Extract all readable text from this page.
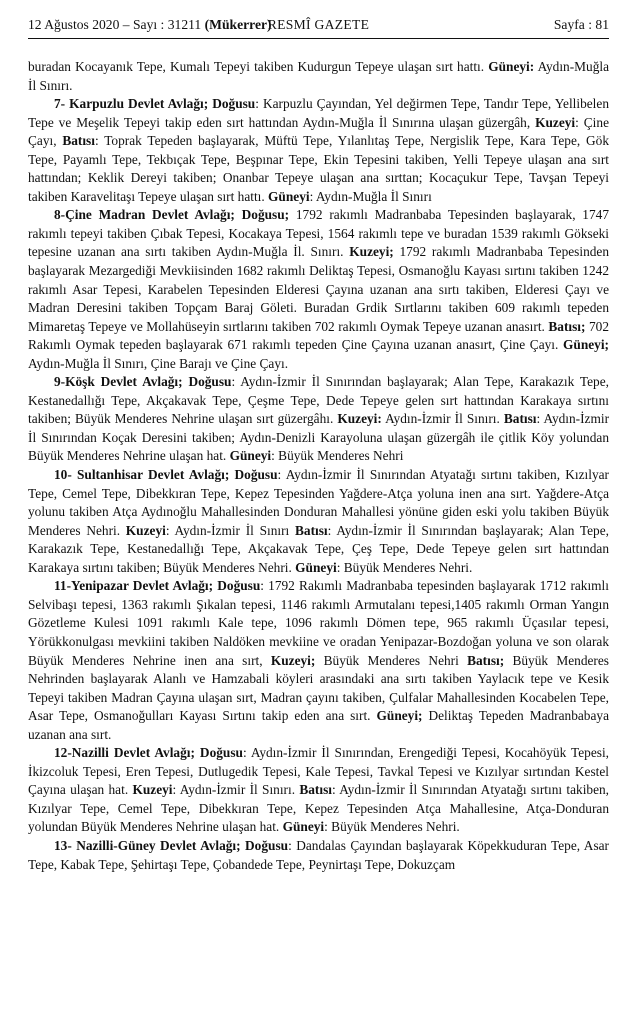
12 Ağustos 2020 – Sayı : 31211 (Mükerrer)
RESMÎ GAZETE	Sayfa : 81

buradan Kocayanık Tepe, Kumalı Tepeyi takiben Kudurgun Tepeye ulaşan sırt hattı. Güneyi: Aydın-Muğla İl Sınırı.

7- Karpuzlu Devlet Avlağı; Doğusu: Karpuzlu Çayından, Yel değirmen Tepe, Tandır Tepe, Yellibelen Tepe ve Meşelik Tepeyi takip eden sırt hattından Aydın-Muğla İl Sınırına ulaşan güzergâh, Kuzeyi: Çine Çayı, Batısı: Toprak Tepeden başlayarak, Müftü Tepe, Yılanlıtaş Tepe, Nergislik Tepe, Kara Tepe, Gök Tepe, Payamlı Tepe, Tekbıçak Tepe, Beşpınar Tepe, Ekin Tepesini takiben, Yelli Tepeye ulaşan ana sırt hattından; Keklik Dereyi takiben; Onanbar Tepeye ulaşan ana sırttan; Kocaçukur Tepe, Tavşan Tepeyi takiben Karavelitaşı Tepeye ulaşan sırt hattı. Güneyi: Aydın-Muğla İl Sınırı

8-Çine Madran Devlet Avlağı; Doğusu; 1792 rakımlı Madranbaba Tepesinden başlayarak, 1747 rakımlı tepeyi takiben Çıbak Tepesi, Kocakaya Tepesi, 1564 rakımlı tepe ve buradan 1539 rakımlı Gökseki tepesine uzanan ana sırtı takiben Aydın-Muğla İl. Sınırı. Kuzeyi; 1792 rakımlı Madranbaba Tepesinden başlayarak Mezargediği Mevkiisinden 1682 rakımlı Deliktaş Tepesi, Osmanoğlu Kayası sırtını takiben 1242 rakımlı Asar Tepesi, Karabelen Tepesinden Elderesi Çayına uzanan ana sırtı takiben, Elderesi Çayı ve Madran Deresini takiben Topçam Baraj Göleti. Buradan Grdik Sırtlarını takiben 609 rakımlı tepeden Mimaretaş Tepeye ve Mollahüseyin sırtlarını takiben 702 rakımlı Oymak Tepeye uzanan anasırt. Batısı; 702 Rakımlı Oymak tepeden başlayarak 671 rakımlı tepeden Çine Çayına uzanan anasırt, Çine Çayı. Güneyi; Aydın-Muğla İl Sınırı, Çine Barajı ve Çine Çayı.

9-Köşk Devlet Avlağı; Doğusu: Aydın-İzmir İl Sınırından başlayarak; Alan Tepe, Karakazık Tepe, Kestanedallığı Tepe, Akçakavak Tepe, Çeşme Tepe, Dede Tepeye gelen sırt hattından Karakaya sırtını takiben; Büyük Menderes Nehrine ulaşan sırt güzergâhı. Kuzeyi: Aydın-İzmir İl Sınırı. Batısı: Aydın-İzmir İl Sınırından Koçak Deresini takiben; Aydın-Denizli Karayoluna ulaşan güzergâh ile çitlik Köy yolundan Büyük Menderes Nehrine ulaşan hat. Güneyi: Büyük Menderes Nehri

10- Sultanhisar Devlet Avlağı; Doğusu: Aydın-İzmir İl Sınırından Atyatağı sırtını takiben, Kızılyar Tepe, Cemel Tepe, Dibekkıran Tepe, Kepez Tepesinden Yağdere-Atça yoluna inen ana sırt. Yağdere-Atça yolunu takiben Atça Aydınoğlu Mahallesinden Donduran Mahallesi yönüne giden eski yolu takiben Büyük Menderes Nehri. Kuzeyi: Aydın-İzmir İl Sınırı Batısı: Aydın-İzmir İl Sınırından başlayarak; Alan Tepe, Karakazık Tepe, Kestanedallığı Tepe, Akçakavak Tepe, Çeş Tepe, Dede Tepeye gelen sırt hattından Karakaya sırtını takiben; Büyük Menderes Nehri. Güneyi: Büyük Menderes Nehri.

11-Yenipazar Devlet Avlağı; Doğusu: 1792 Rakımlı Madranbaba tepesinden başlayarak 1712 rakımlı Selvibaşı tepesi, 1363 rakımlı Şıkalan tepesi, 1146 rakımlı Armutalanı tepesi,1405 rakımlı Orman Yangın Gözetleme Kulesi 1091 rakımlı Kale tepe, 1096 rakımlı Dömen tepe, 965 rakımlı Üçasılar tepesi, Yörükkonulgası mevkiini takiben Naldöken mevkiine ve oradan Yenipazar-Bozdoğan yoluna ve son olarak Büyük Menderes Nehrine inen ana sırt, Kuzeyi; Büyük Menderes Nehri Batısı; Büyük Menderes Nehrinden başlayarak Alanlı ve Hamzabali köyleri arasındaki ana sırtı takiben Yaylacık tepe ve Kesik Tepeyi takiben Madran Çayına ulaşan sırt, Madran çayını takiben, Çulfalar Mahallesinden Kocabelen Tepe, Asar Tepe, Osmanoğulları Kayası Sırtını takip eden ana sırt. Güneyi; Deliktaş Tepeden Madranbabaya uzanan ana sırt.

12-Nazilli Devlet Avlağı; Doğusu: Aydın-İzmir İl Sınırından, Erengediği Tepesi, Kocahöyük Tepesi, İkizcoluk Tepesi, Eren Tepesi, Dutlugedik Tepesi, Kale Tepesi, Tavkal Tepesi ve Kızılyar sırtından Kestel Çayına ulaşan hat. Kuzeyi: Aydın-İzmir İl Sınırı. Batısı: Aydın-İzmir İl Sınırından Atyatağı sırtını takiben, Kızılyar Tepe, Cemel Tepe, Dibekkıran Tepe, Kepez Tepesinden Atça Mahallesine, Atça-Donduran yolundan Büyük Menderes Nehrine ulaşan hat. Güneyi: Büyük Menderes Nehri.

13- Nazilli-Güney Devlet Avlağı; Doğusu: Dandalas Çayından başlayarak Köpekkuduran Tepe, Asar Tepe, Kabak Tepe, Şehirtaşı Tepe, Çobandede Tepe, Peynirtaşı Tepe, Dokuzçam
